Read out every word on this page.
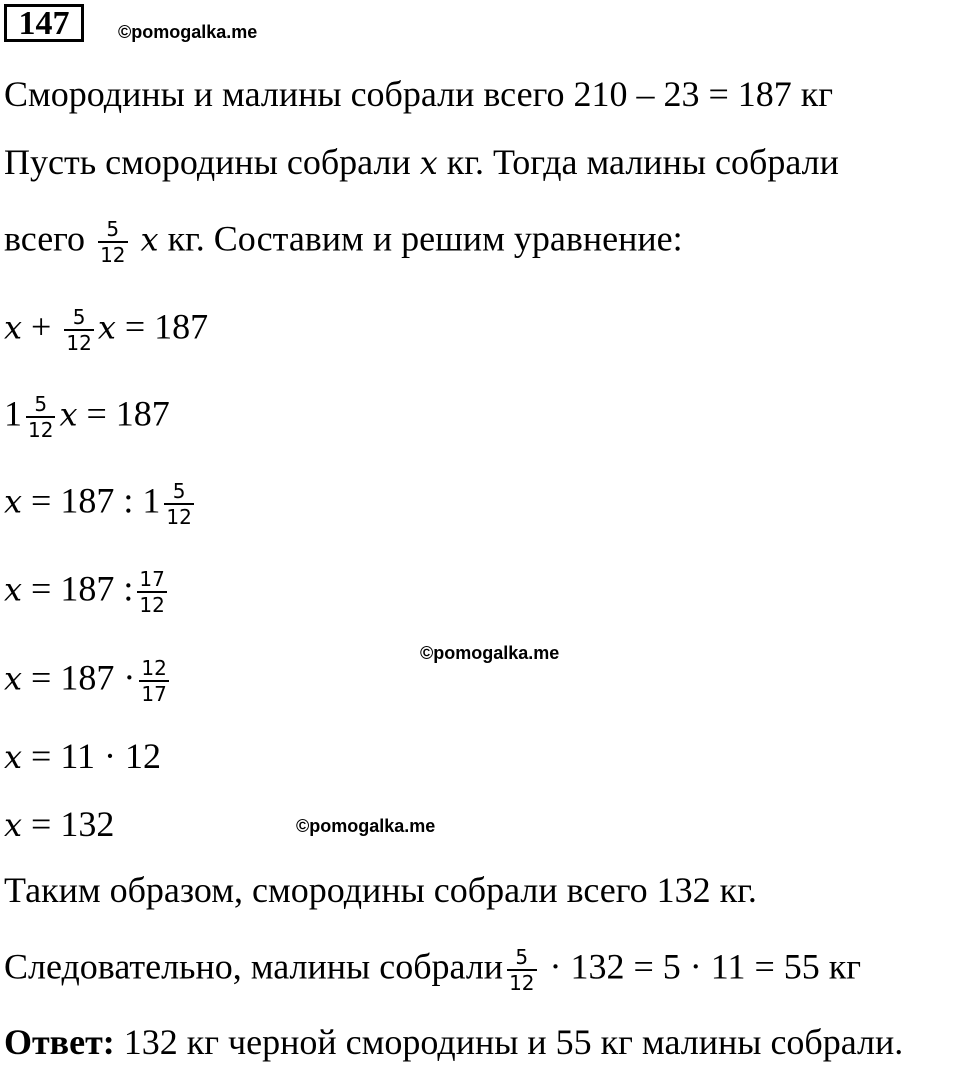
147	©pomogalka.me
Смородины и малины собрали всего 210 – 23 = 187 кг
Пусть смородины собрали x кг. Тогда малины собрали
всего $\frac{5}{12}$ x кг. Составим и решим уравнение:
$x + \frac{5}{12}$ x = 187
$1 \frac{5}{12}$ x = 187
x = 187 : $1 \frac{5}{12}$
x = 187 : $\frac{17}{12}$
©pomogalka.me
$x = 187 \cdot \frac{12}{17}$
x = 11 · 12
x = 132	©pomogalka.me
Таким образом, смородины собрали всего 132 кг.
Следовательно, малины собрали $\frac{5}{12} \cdot 132 = 5 \cdot 11 = 55$ кг
Ответ: 132 кг черной смородины и 55 кг малины собрали.
